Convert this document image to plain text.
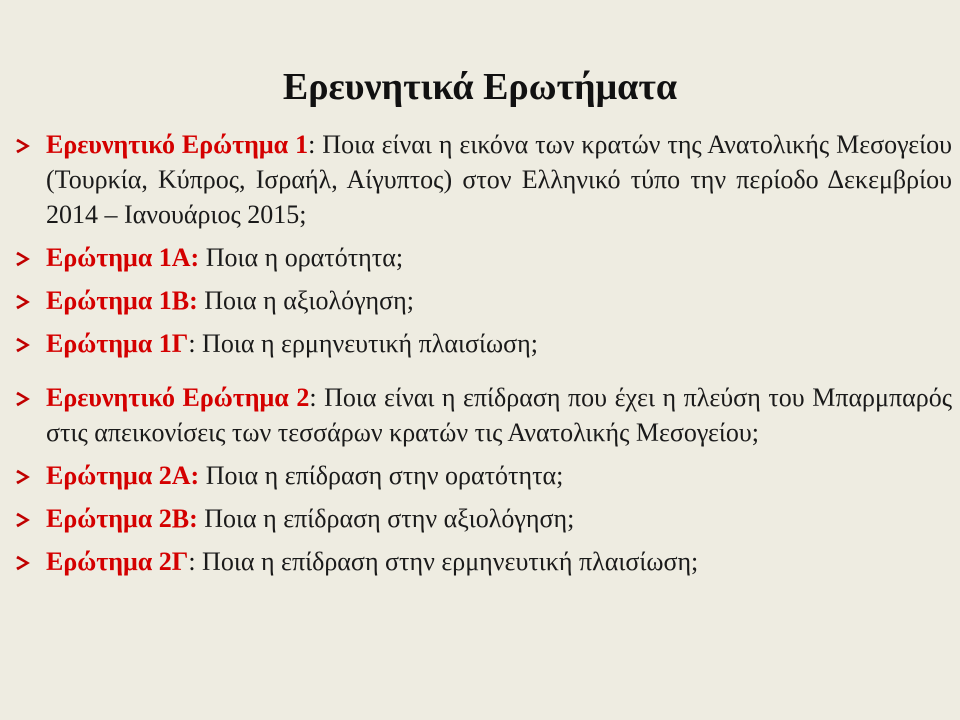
Ερευνητικά Ερωτήματα
Ερευνητικό Ερώτημα 1: Ποια είναι η εικόνα των κρατών της Ανατολικής Μεσογείου (Τουρκία, Κύπρος, Ισραήλ, Αίγυπτος) στον Ελληνικό τύπο την περίοδο Δεκεμβρίου 2014 – Ιανουάριος 2015;
Ερώτημα 1Α: Ποια η ορατότητα;
Ερώτημα 1Β: Ποια η αξιολόγηση;
Ερώτημα 1Γ: Ποια η ερμηνευτική πλαισίωση;
Ερευνητικό Ερώτημα 2: Ποια είναι η επίδραση που έχει η πλεύση του Μπαρμπαρός στις απεικονίσεις των τεσσάρων κρατών τις Ανατολικής Μεσογείου;
Ερώτημα 2Α: Ποια η επίδραση στην ορατότητα;
Ερώτημα 2Β: Ποια η επίδραση στην αξιολόγηση;
Ερώτημα 2Γ: Ποια η επίδραση στην ερμηνευτική πλαισίωση;
